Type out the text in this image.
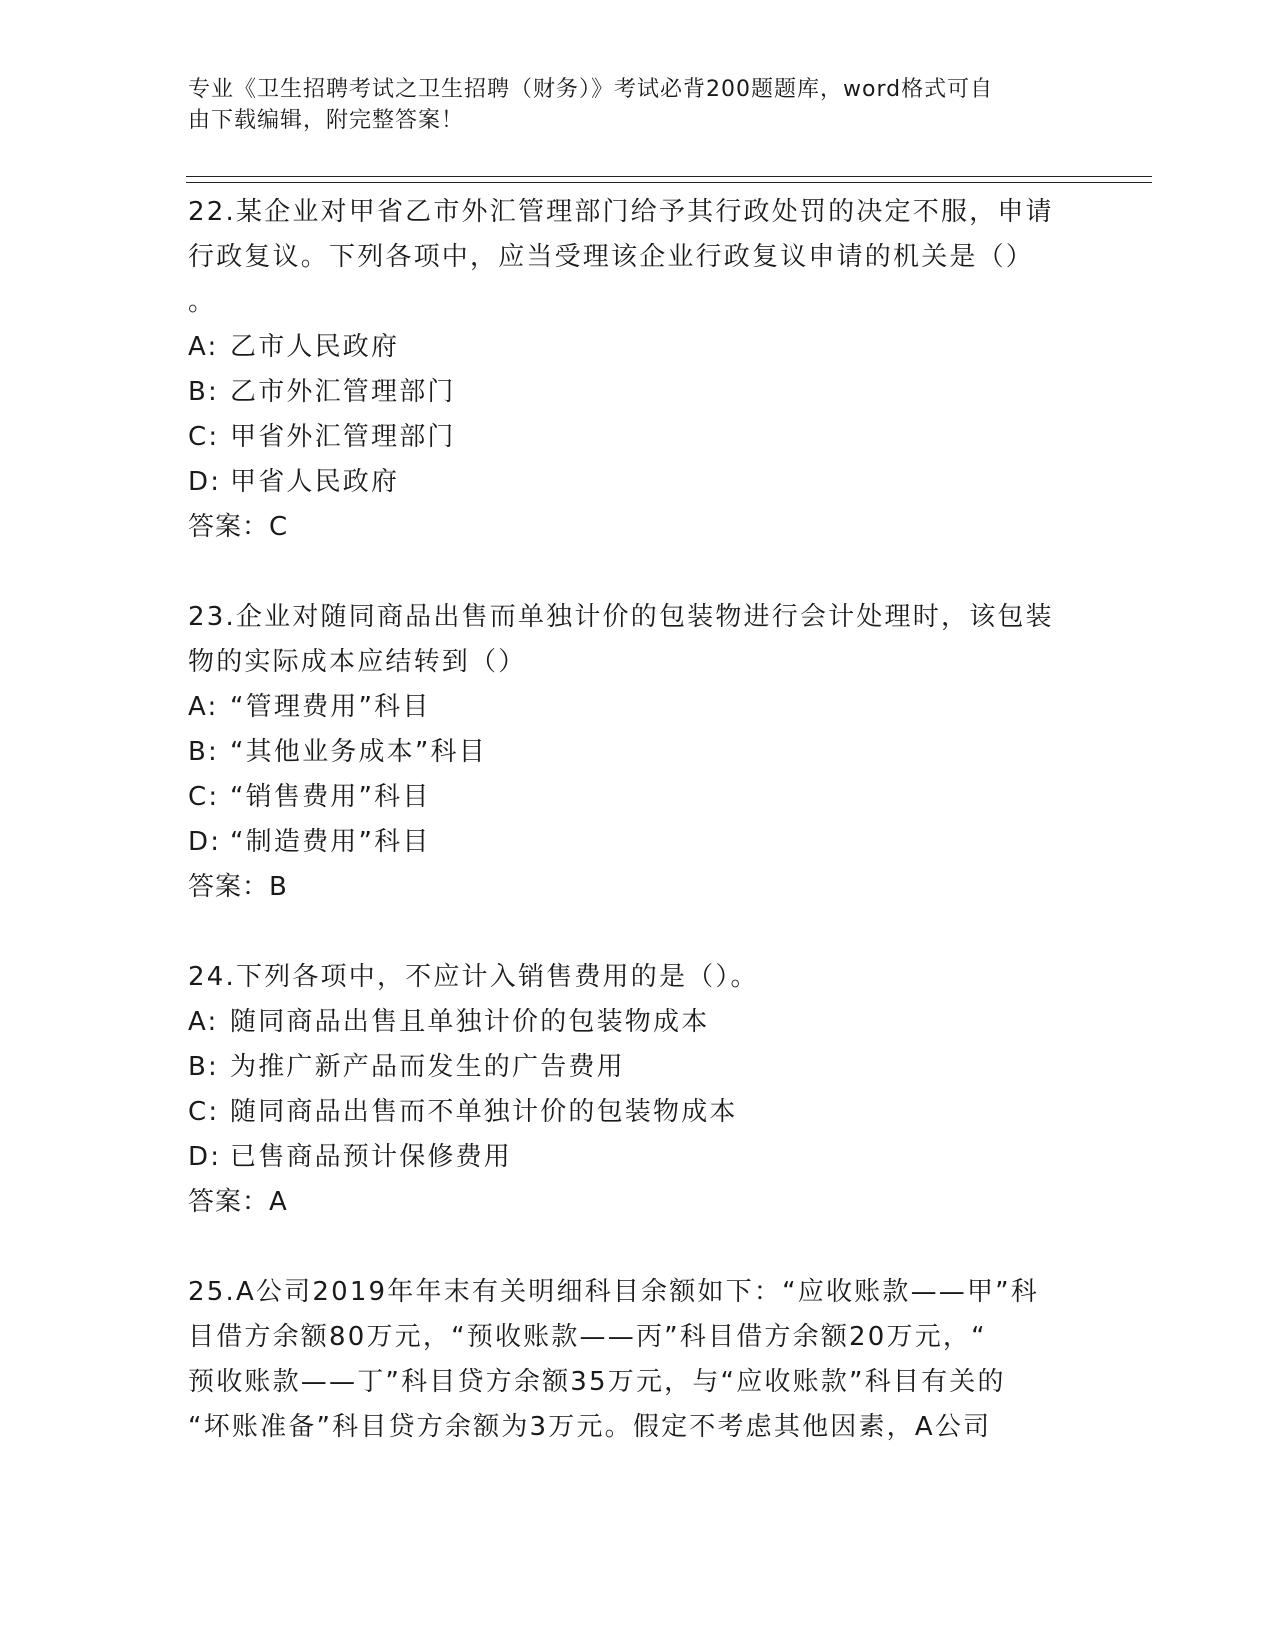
专业《卫生招聘考试之卫生招聘（财务）》考试必背200题题库，word格式可自
由下载编辑，附完整答案！
22.某企业对甲省乙市外汇管理部门给予其行政处罚的决定不服，申请
行政复议。下列各项中，应当受理该企业行政复议申请的机关是（）
。
A: 乙市人民政府
B: 乙市外汇管理部门
C: 甲省外汇管理部门
D: 甲省人民政府
答案：C
23.企业对随同商品出售而单独计价的包装物进行会计处理时，该包装
物的实际成本应结转到（）
A: “管理费用”科目
B: “其他业务成本”科目
C: “销售费用”科目
D: “制造费用”科目
答案：B
24.下列各项中，不应计入销售费用的是（）。
A: 随同商品出售且单独计价的包装物成本
B: 为推广新产品而发生的广告费用
C: 随同商品出售而不单独计价的包装物成本
D: 已售商品预计保修费用
答案：A
25.A公司2019年年末有关明细科目余额如下：“应收账款——甲”科
目借方余额80万元，“预收账款——丙”科目借方余额20万元，“
预收账款——丁”科目贷方余额35万元，与“应收账款”科目有关的
“坏账准备”科目贷方余额为3万元。假定不考虑其他因素，A公司
